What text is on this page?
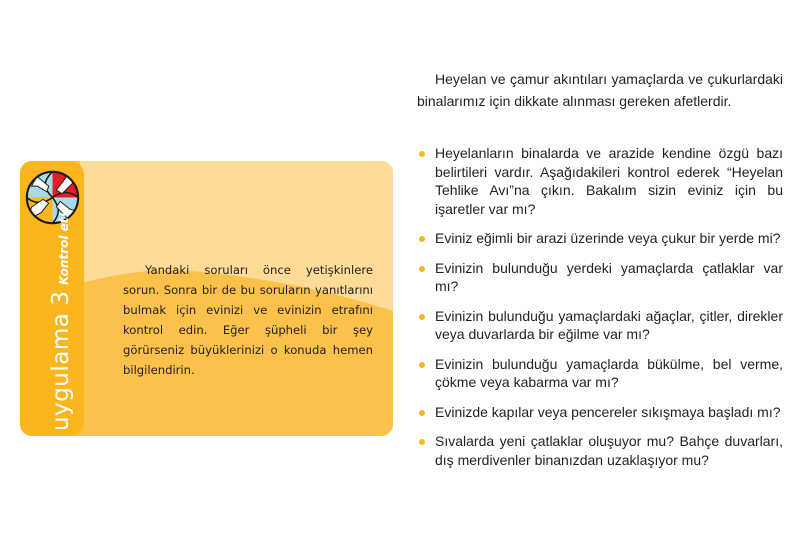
uygulama3Kontrol et!	Yandaki soruları önce yetişkinlere sorun. Sonra bir de bu soruların yanıtlarını bulmak için evinizi ve evinizin etrafını kontrol edin. Eğer şüpheli bir şey görürseniz büyüklerinizi o konuda hemen bilgilendirin.

Heyelan ve çamur akıntıları yamaçlarda ve çukurlardaki binalarımız için dikkate alınması gereken afetlerdir.

Heyelanların binalarda ve arazide kendine özgü bazı belirtileri vardır. Aşağıdakileri kontrol ederek “Heyelan Tehlike Avı”na çıkın. Bakalım sizin eviniz için bu işaretler var mı?
Eviniz eğimli bir arazi üzerinde veya çukur bir yerde mi?
Evinizin bulunduğu yerdeki yamaçlarda çatlaklar var mı?
Evinizin bulunduğu yamaçlardaki ağaçlar, çitler, direkler veya duvarlarda bir eğilme var mı?
Evinizin bulunduğu yamaçlarda bükülme, bel verme, çökme veya kabarma var mı?
Evinizde kapılar veya pencereler sıkışmaya başladı mı?
Sıvalarda yeni çatlaklar oluşuyor mu? Bahçe duvarları, dış merdivenler binanızdan uzaklaşıyor mu?
